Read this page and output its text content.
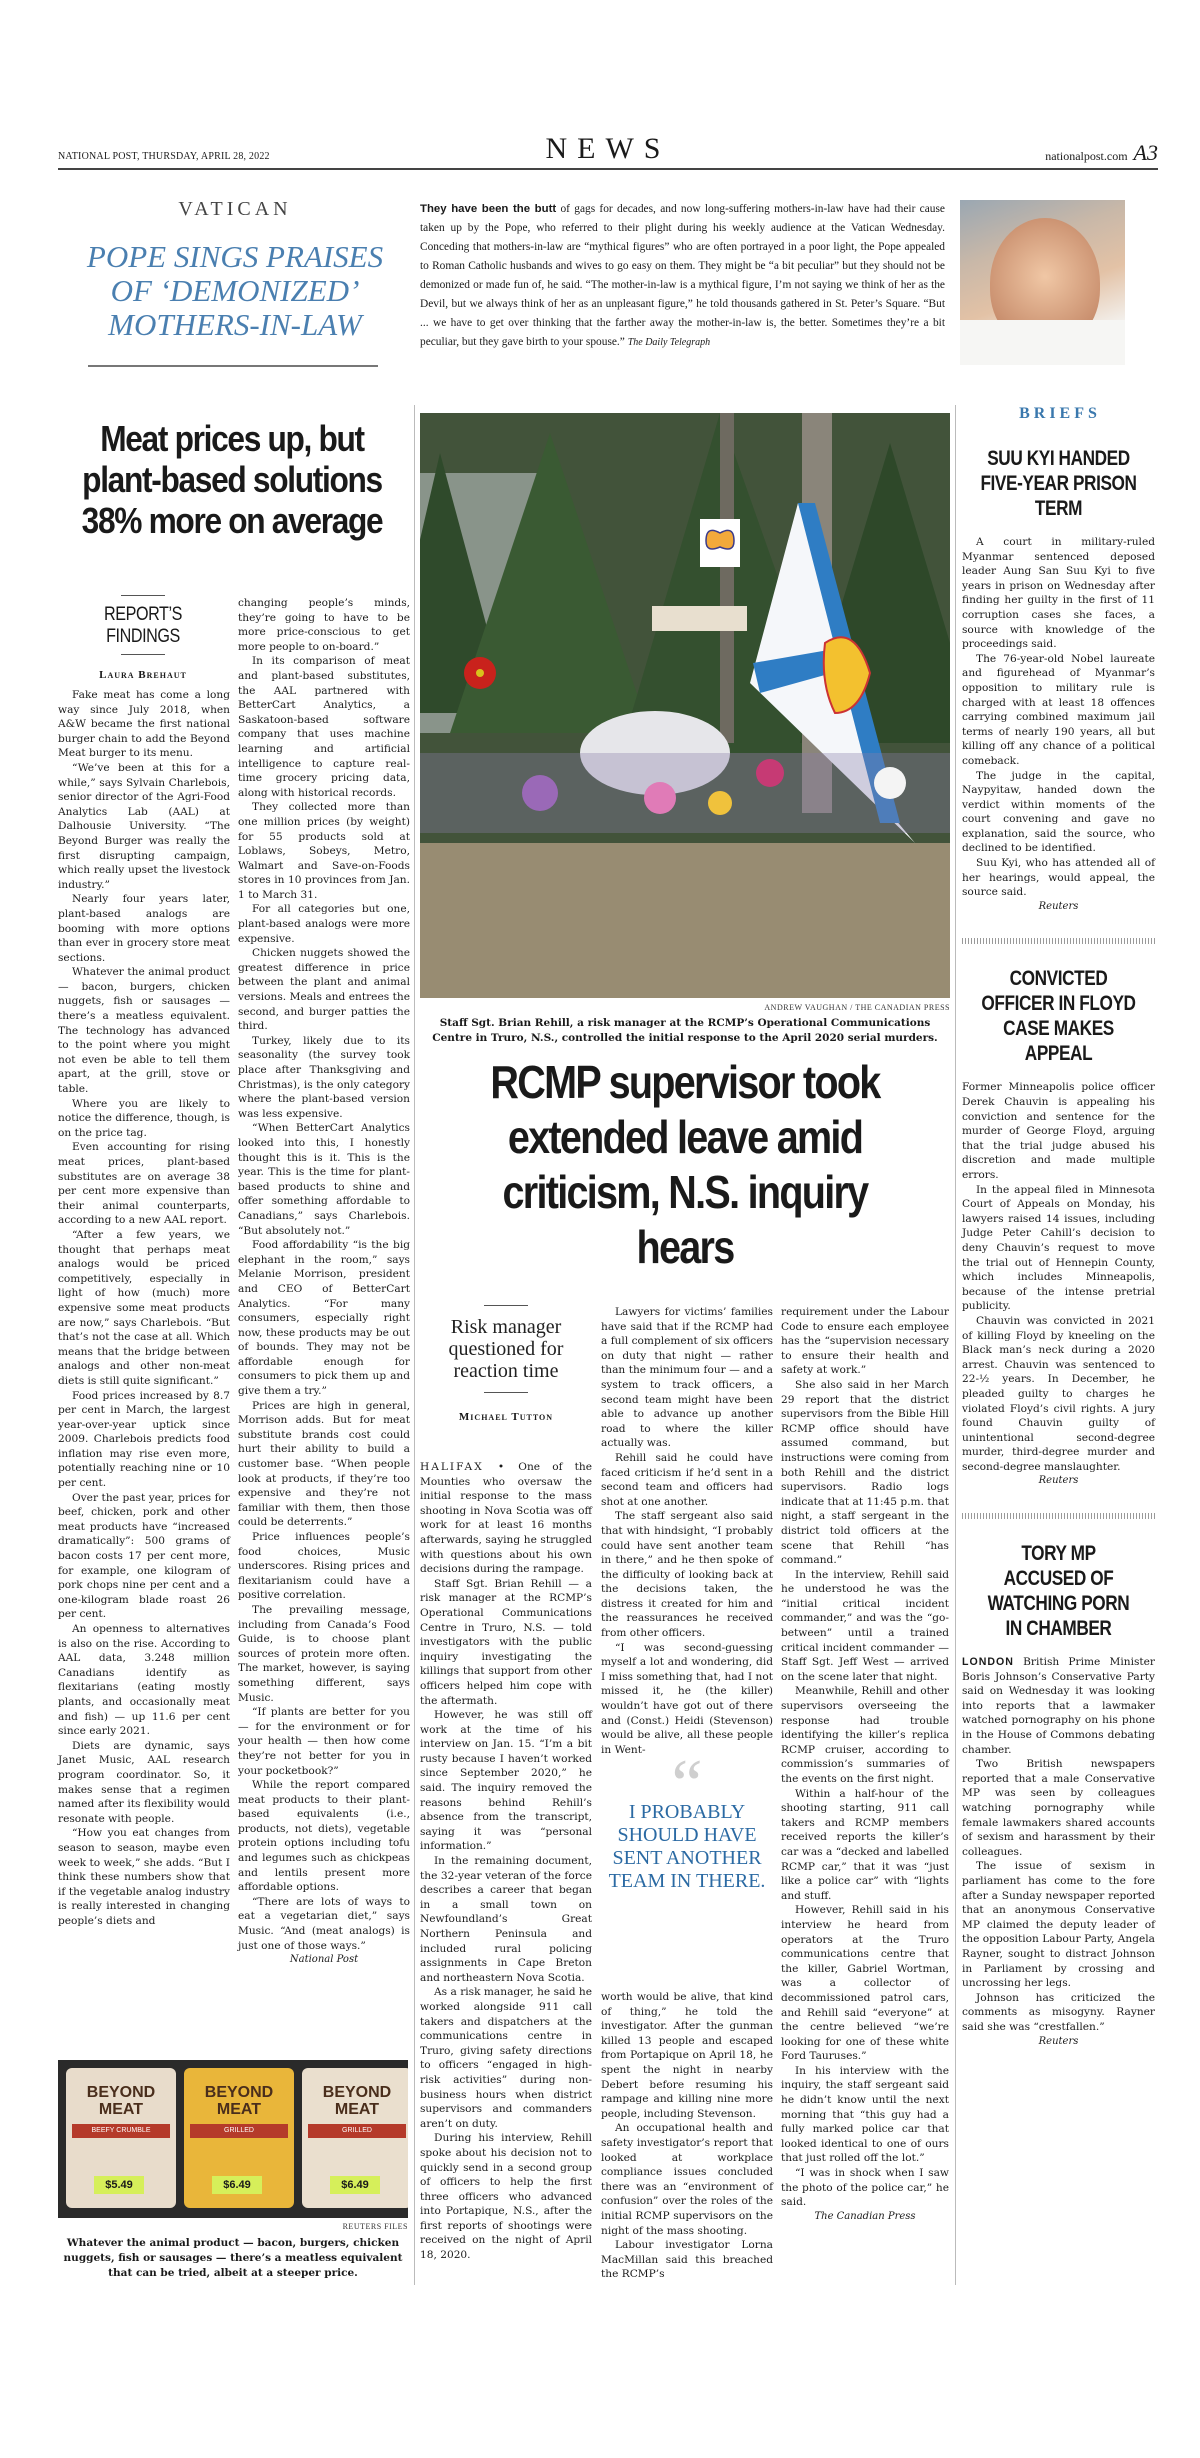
NATIONAL POST, THURSDAY, APRIL 28, 2022	NEWS	nationalpost.com A3
VATICAN
POPE SINGS PRAISES OF ‘DEMONIZED’ MOTHERS-IN-LAW
They have been the butt of gags for decades, and now long-suffering mothers-in-law have had their cause taken up by the Pope, who referred to their plight during his weekly audience at the Vatican Wednesday. Conceding that mothers-in-law are “mythical figures” who are often portrayed in a poor light, the Pope appealed to Roman Catholic husbands and wives to go easy on them. They might be “a bit peculiar” but they should not be demonized or made fun of, he said. “The mother-in-law is a mythical figure, I’m not saying we think of her as the Devil, but we always think of her as an unpleasant figure,” he told thousands gathered in St. Peter’s Square. “But ... we have to get over thinking that the farther away the mother-in-law is, the better. Sometimes they’re a bit peculiar, but they gave birth to your spouse.” The Daily Telegraph
Meat prices up, but plant-based solutions 38% more on average
REPORT’S FINDINGS
Laura Brehaut

Fake meat has come a long way since July 2018, when A&W became the first national burger chain to add the Beyond Meat burger to its menu.

“We’ve been at this for a while,” says Sylvain Charlebois, senior director of the Agri-Food Analytics Lab (AAL) at Dalhousie University. “The Beyond Burger was really the first disrupting campaign, which really upset the livestock industry.”

Nearly four years later, plant-based analogs are booming with more options than ever in grocery store meat sections.

Whatever the animal product — bacon, burgers, chicken nuggets, fish or sausages — there’s a meatless equivalent. The technology has advanced to the point where you might not even be able to tell them apart, at the grill, stove or table.

Where you are likely to notice the difference, though, is on the price tag.

Even accounting for rising meat prices, plant-based substitutes are on average 38 per cent more expensive than their animal counterparts, according to a new AAL report.

“After a few years, we thought that perhaps meat analogs would be priced competitively, especially in light of how (much) more expensive some meat products are now,” says Charlebois. “But that’s not the case at all. Which means that the bridge between analogs and other non-meat diets is still quite significant.”

Food prices increased by 8.7 per cent in March, the largest year-over-year uptick since 2009. Charlebois predicts food inflation may rise even more, potentially reaching nine or 10 per cent.

Over the past year, prices for beef, chicken, pork and other meat products have “increased dramatically”: 500 grams of bacon costs 17 per cent more, for example, one kilogram of pork chops nine per cent and a one-kilogram blade roast 26 per cent.

An openness to alternatives is also on the rise. According to AAL data, 3.248 million Canadians identify as flexitarians (eating mostly plants, and occasionally meat and fish) — up 11.6 per cent since early 2021.

Diets are dynamic, says Janet Music, AAL research program coordinator. So, it makes sense that a regimen named after its flexibility would resonate with people.

“How you eat changes from season to season, maybe even week to week,” she adds. “But I think these numbers show that if the vegetable analog industry is really interested in changing people’s diets and

changing people’s minds, they’re going to have to be more price-conscious to get more people to on-board.”

In its comparison of meat and plant-based substitutes, the AAL partnered with BetterCart Analytics, a Saskatoon-based software company that uses machine learning and artificial intelligence to capture real-time grocery pricing data, along with historical records.

They collected more than one million prices (by weight) for 55 products sold at Loblaws, Sobeys, Metro, Walmart and Save-on-Foods stores in 10 provinces from Jan. 1 to March 31.

For all categories but one, plant-based analogs were more expensive.

Chicken nuggets showed the greatest difference in price between the plant and animal versions. Meals and entrees the second, and burger patties the third.

Turkey, likely due to its seasonality (the survey took place after Thanksgiving and Christmas), is the only category where the plant-based version was less expensive.

“When BetterCart Analytics looked into this, I honestly thought this is it. This is the year. This is the time for plant-based products to shine and offer something affordable to Canadians,” says Charlebois. “But absolutely not.”

Food affordability “is the big elephant in the room,” says Melanie Morrison, president and CEO of BetterCart Analytics. “For many consumers, especially right now, these products may be out of bounds. They may not be affordable enough for consumers to pick them up and give them a try.”

Prices are high in general, Morrison adds. But for meat substitute brands cost could hurt their ability to build a customer base. “When people look at products, if they’re too expensive and they’re not familiar with them, then those could be deterrents.”

Price influences people’s food choices, Music underscores. Rising prices and flexitarianism could have a positive correlation.

The prevailing message, including from Canada’s Food Guide, is to choose plant sources of protein more often. The market, however, is saying something different, says Music.

“If plants are better for you — for the environment or for your health — then how come they’re not better for you in your pocketbook?”

While the report compared meat products to their plant-based equivalents (i.e., products, not diets), vegetable protein options including tofu and legumes such as chickpeas and lentils present more affordable options.

“There are lots of ways to eat a vegetarian diet,” says Music. “And (meat analogs) is just one of those ways.”

National Post
BEYOND MEAT
BEEFY CRUMBLE
$5.49
BEYOND MEAT
GRILLED
$6.49
BEYOND MEAT
GRILLED
$6.49
REUTERS FILES
Whatever the animal product — bacon, burgers, chicken nuggets, fish or sausages — there’s a meatless equivalent that can be tried, albeit at a steeper price.
ANDREW VAUGHAN / THE CANADIAN PRESS
Staff Sgt. Brian Rehill, a risk manager at the RCMP’s Operational Communications Centre in Truro, N.S., controlled the initial response to the April 2020 serial murders.
RCMP supervisor took extended leave amid criticism, N.S. inquiry hears
Risk manager questioned for reaction time
Michael Tutton

HALIFAX • One of the Mounties who oversaw the initial response to the mass shooting in Nova Scotia was off work for at least 16 months afterwards, saying he struggled with questions about his own decisions during the rampage.

Staff Sgt. Brian Rehill — a risk manager at the RCMP’s Operational Communications Centre in Truro, N.S. — told investigators with the public inquiry investigating the killings that support from other officers helped him cope with the aftermath.

However, he was still off work at the time of his interview on Jan. 15. “I’m a bit rusty because I haven’t worked since September 2020,” he said. The inquiry removed the reasons behind Rehill’s absence from the transcript, saying it was “personal information.”

In the remaining document, the 32-year veteran of the force describes a career that began in a small town on Newfoundland’s Great Northern Peninsula and included rural policing assignments in Cape Breton and northeastern Nova Scotia.

As a risk manager, he said he worked alongside 911 call takers and dispatchers at the communications centre in Truro, giving safety directions to officers “engaged in high-risk activities” during non-business hours when district supervisors and commanders aren’t on duty.

During his interview, Rehill spoke about his decision not to quickly send in a second group of officers to help the first three officers who advanced into Portapique, N.S., after the first reports of shootings were received on the night of April 18, 2020.

Lawyers for victims’ families have said that if the RCMP had a full complement of six officers on duty that night — rather than the minimum four — and a system to track officers, a second team might have been able to advance up another road to where the killer actually was.

Rehill said he could have faced criticism if he’d sent in a second team and officers had shot at one another.

The staff sergeant also said that with hindsight, “I probably could have sent another team in there,” and he then spoke of the difficulty of looking back at the decisions taken, the distress it created for him and the reassurances he received from other officers.

“I was second-guessing myself a lot and wondering, did I miss something that, had I not missed it, he (the killer) wouldn’t have got out of there and (Const.) Heidi (Stevenson) would be alive, all these people in Went- “
I PROBABLY SHOULD HAVE SENT ANOTHER TEAM IN THERE.

worth would be alive, that kind of thing,” he told the investigator. After the gunman killed 13 people and escaped from Portapique on April 18, he spent the night in nearby Debert before resuming his rampage and killing nine more people, including Stevenson.

An occupational health and safety investigator’s report that looked at workplace compliance issues concluded there was an “environment of confusion” over the roles of the initial RCMP supervisors on the night of the mass shooting.

Labour investigator Lorna MacMillan said this breached the RCMP’s

requirement under the Labour Code to ensure each employee has the “supervision necessary to ensure their health and safety at work.”

She also said in her March 29 report that the district supervisors from the Bible Hill RCMP office should have assumed command, but instructions were coming from both Rehill and the district supervisors. Radio logs indicate that at 11:45 p.m. that night, a staff sergeant in the district told officers at the scene that Rehill “has command.”

In the interview, Rehill said he understood he was the “initial critical incident commander,” and was the “go-between” until a trained critical incident commander — Staff Sgt. Jeff West — arrived on the scene later that night.

Meanwhile, Rehill and other supervisors overseeing the response had trouble identifying the killer’s replica RCMP cruiser, according to commission’s summaries of the events on the first night.

Within a half-hour of the shooting starting, 911 call takers and RCMP members received reports the killer’s car was a “decked and labelled RCMP car,” that it was “just like a police car” with “lights and stuff.

However, Rehill said in his interview he heard from operators at the Truro communications centre that the killer, Gabriel Wortman, was a collector of decommissioned patrol cars, and Rehill said “everyone” at the centre believed “we’re looking for one of these white Ford Tauruses.”

In his interview with the inquiry, the staff sergeant said he didn’t know until the next morning that “this guy had a fully marked police car that looked identical to one of ours that just rolled off the lot.”

“I was in shock when I saw the photo of the police car,” he said.

The Canadian Press
BRIEFS
SUU KYI HANDED FIVE-YEAR PRISON TERM

A court in military-ruled Myanmar sentenced deposed leader Aung San Suu Kyi to five years in prison on Wednesday after finding her guilty in the first of 11 corruption cases she faces, a source with knowledge of the proceedings said.

The 76-year-old Nobel laureate and figurehead of Myanmar’s opposition to military rule is charged with at least 18 offences carrying combined maximum jail terms of nearly 190 years, all but killing off any chance of a political comeback.

The judge in the capital, Naypyitaw, handed down the verdict within moments of the court convening and gave no explanation, said the source, who declined to be identified.

Suu Kyi, who has attended all of her hearings, would appeal, the source said.

Reuters
CONVICTED OFFICER IN FLOYD CASE MAKES APPEAL

Former Minneapolis police officer Derek Chauvin is appealing his conviction and sentence for the murder of George Floyd, arguing that the trial judge abused his discretion and made multiple errors.

In the appeal filed in Minnesota Court of Appeals on Monday, his lawyers raised 14 issues, including Judge Peter Cahill’s decision to deny Chauvin’s request to move the trial out of Hennepin County, which includes Minneapolis, because of the intense pretrial publicity.

Chauvin was convicted in 2021 of killing Floyd by kneeling on the Black man’s neck during a 2020 arrest. Chauvin was sentenced to 22-½ years. In December, he pleaded guilty to charges he violated Floyd’s civil rights. A jury found Chauvin guilty of unintentional second-degree murder, third-degree murder and second-degree manslaughter.

Reuters
TORY MP ACCUSED OF WATCHING PORN IN CHAMBER

LONDON British Prime Minister Boris Johnson’s Conservative Party said on Wednesday it was looking into reports that a lawmaker watched pornography on his phone in the House of Commons debating chamber.

Two British newspapers reported that a male Conservative MP was seen by colleagues watching pornography while female lawmakers shared accounts of sexism and harassment by their colleagues.

The issue of sexism in parliament has come to the fore after a Sunday newspaper reported that an anonymous Conservative MP claimed the deputy leader of the opposition Labour Party, Angela Rayner, sought to distract Johnson in Parliament by crossing and uncrossing her legs.

Johnson has criticized the comments as misogyny. Rayner said she was “crestfallen.”

Reuters
